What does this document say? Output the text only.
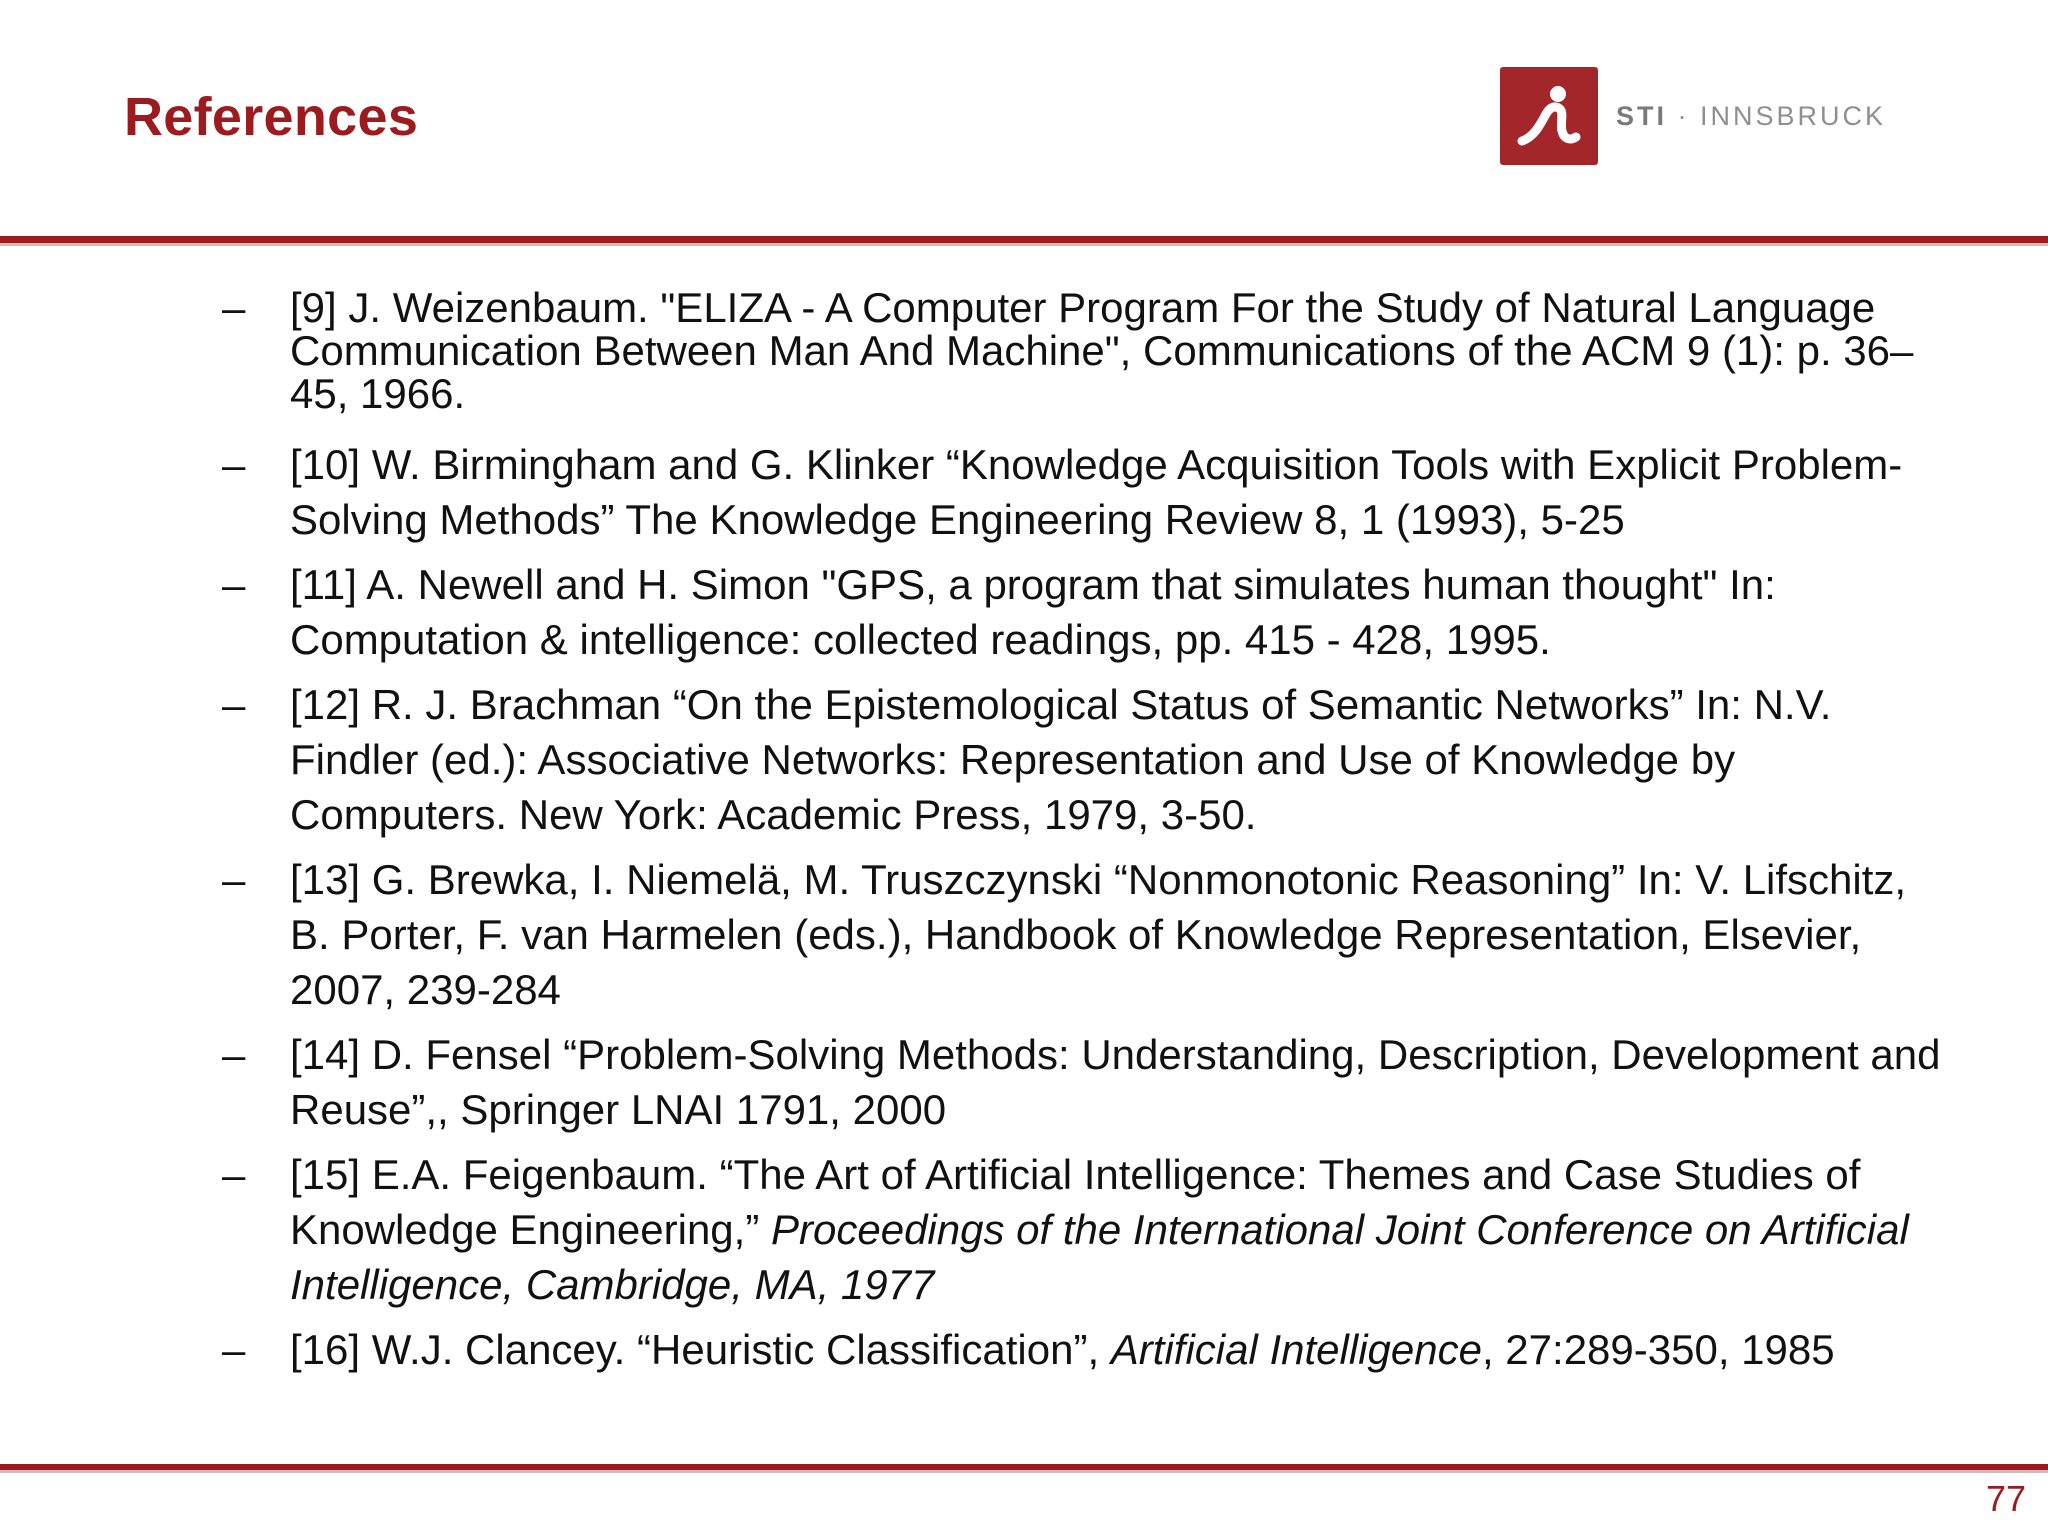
References	STI · INNSBRUCK
–	[9] J. Weizenbaum. "ELIZA - A Computer Program For the Study of Natural Language Communication Between Man And Machine", Communications of the ACM 9 (1): p. 36–45, 1966.
–	[10] W. Birmingham and G. Klinker “Knowledge Acquisition Tools with Explicit Problem-Solving Methods” The Knowledge Engineering Review 8, 1 (1993), 5-25
–	[11] A. Newell and H. Simon "GPS, a program that simulates human thought" In: Computation & intelligence: collected readings, pp. 415 - 428, 1995.
–	[12] R. J. Brachman “On the Epistemological Status of Semantic Networks” In: N.V. Findler (ed.): Associative Networks: Representation and Use of Knowledge by Computers. New York: Academic Press, 1979, 3-50.
–	[13] G. Brewka, I. Niemelä, M. Truszczynski “Nonmonotonic Reasoning” In: V. Lifschitz, B. Porter, F. van Harmelen (eds.), Handbook of Knowledge Representation, Elsevier, 2007, 239-284
–	[14] D. Fensel “Problem-Solving Methods: Understanding, Description, Development and Reuse”,, Springer LNAI 1791, 2000
–	[15] E.A. Feigenbaum. “The Art of Artificial Intelligence: Themes and Case Studies of Knowledge Engineering,” Proceedings of the International Joint Conference on Artificial Intelligence, Cambridge, MA, 1977
–	[16] W.J. Clancey. “Heuristic Classification”, Artificial Intelligence, 27:289-350, 1985
77
